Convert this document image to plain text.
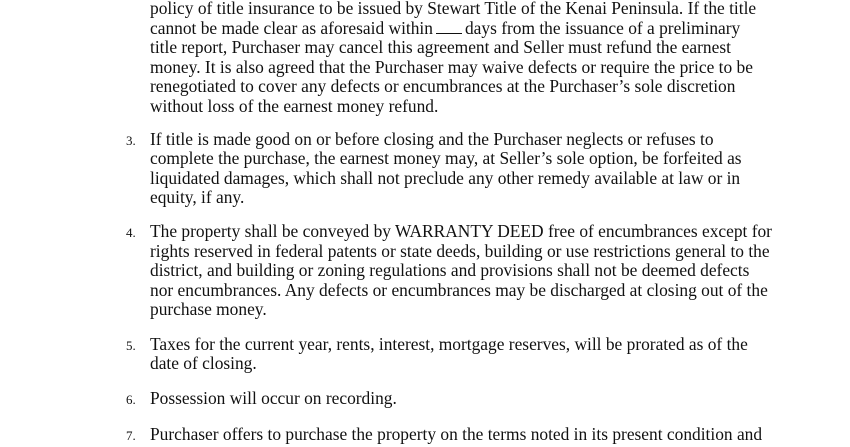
policy of title insurance to be issued by Stewart Title of the Kenai Peninsula. If the title
cannot be made clear as aforesaid within days from the issuance of a preliminary
title report, Purchaser may cancel this agreement and Seller must refund the earnest
money. It is also agreed that the Purchaser may waive defects or require the price to be
renegotiated to cover any defects or encumbrances at the Purchaser’s sole discretion
without loss of the earnest money refund.
3. If title is made good on or before closing and the Purchaser neglects or refuses to
complete the purchase, the earnest money may, at Seller’s sole option, be forfeited as
liquidated damages, which shall not preclude any other remedy available at law or in
equity, if any.
4. The property shall be conveyed by WARRANTY DEED free of encumbrances except for
rights reserved in federal patents or state deeds, building or use restrictions general to the
district, and building or zoning regulations and provisions shall not be deemed defects
nor encumbrances. Any defects or encumbrances may be discharged at closing out of the
purchase money.
5. Taxes for the current year, rents, interest, mortgage reserves, will be prorated as of the
date of closing.
6. Possession will occur on recording.
7. Purchaser offers to purchase the property on the terms noted in its present condition and
